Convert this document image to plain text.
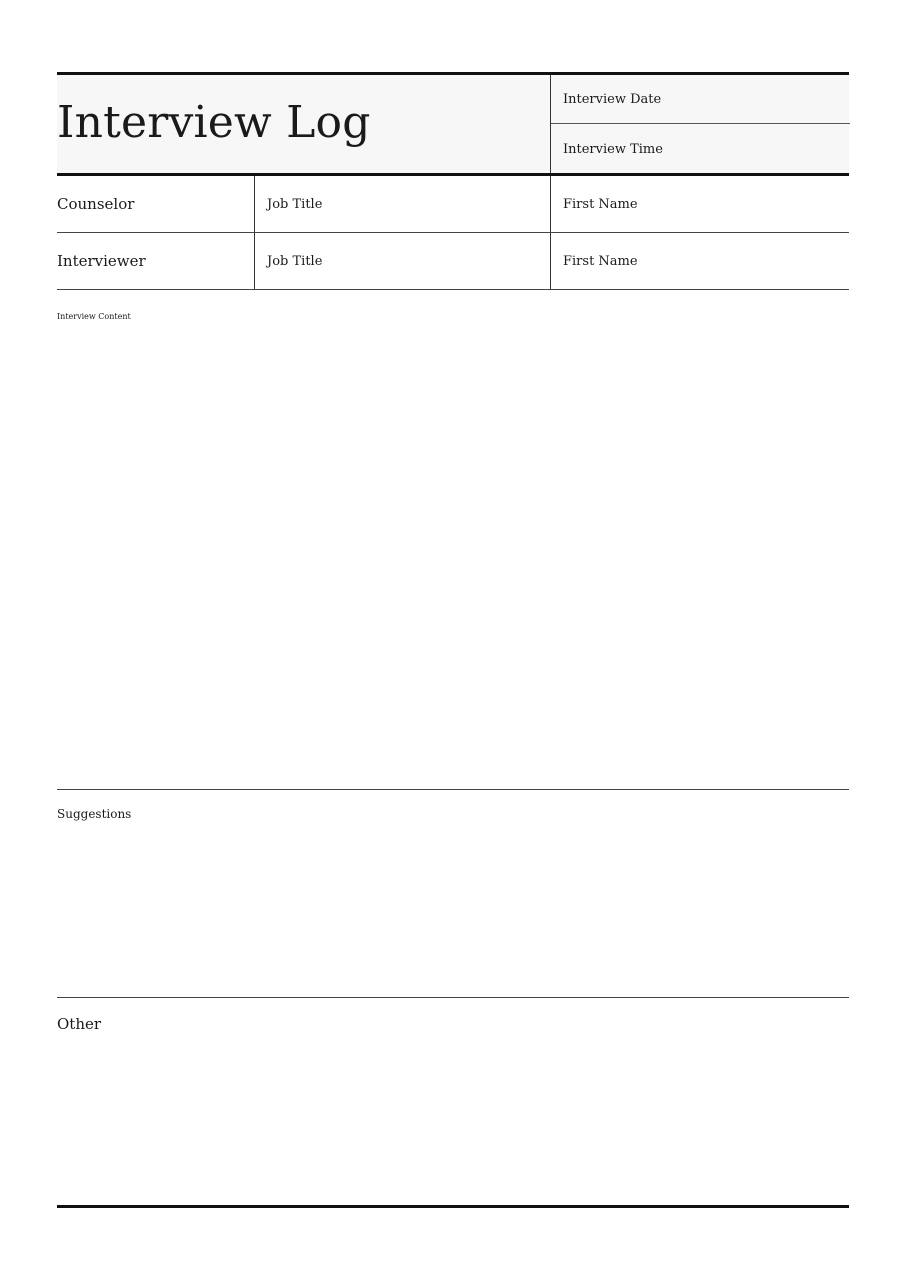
Interview Log	Interview Date
Interview Time
Counselor	Job Title	First Name
Interviewer	Job Title	First Name
Interview Content
Suggestions
Other
